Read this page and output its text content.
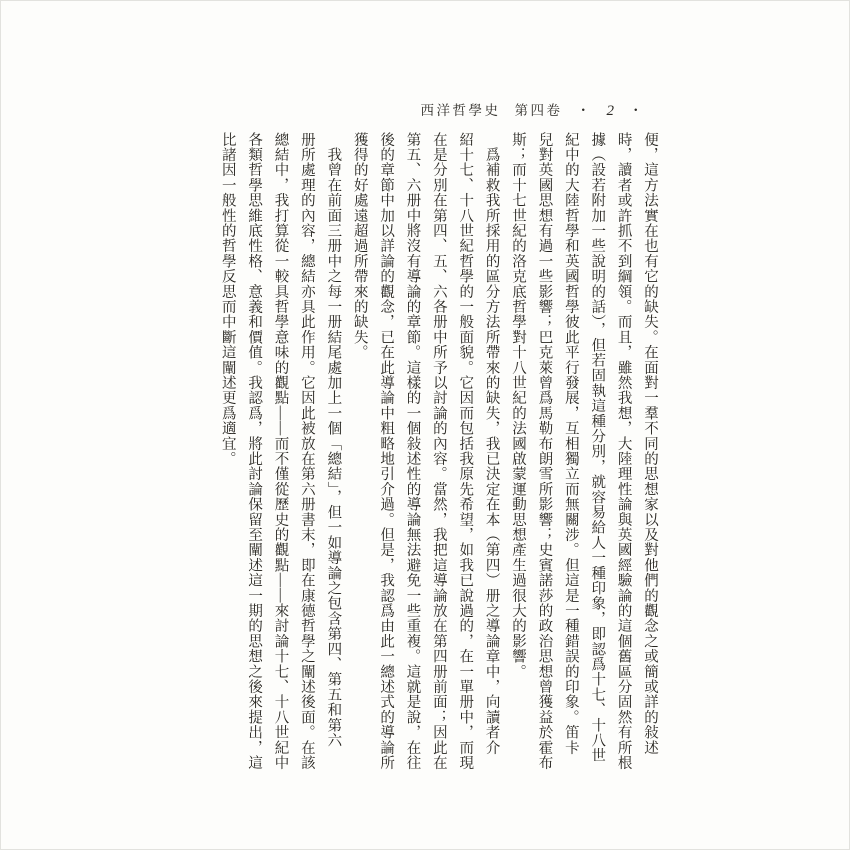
西洋哲學史 第四卷 ・ 2 ・
便，這方法實在也有它的缺失。在面對一羣不同的思想家以及對他們的觀念之或簡或詳的敍述
時，讀者或許抓不到綱領。而且，雖然我想，大陸理性論與英國經驗論的這個舊區分固然有所根
據（設若附加一些說明的話），但若固執這種分別，就容易給人一種印象，即認爲十七、十八世
紀中的大陸哲學和英國哲學彼此平行發展，互相獨立而無關涉。但這是一種錯誤的印象。笛卡
兒對英國思想有過一些影響；巴克萊曾爲馬勒布朗雪所影響；史賓諾莎的政治思想曾獲益於霍布
斯；而十七世紀的洛克底哲學對十八世紀的法國啟蒙運動思想產生過很大的影響。
　爲補救我所採用的區分方法所帶來的缺失，我已決定在本（第四）册之導論章中，向讀者介
紹十七、十八世紀哲學的一般面貌。它因而包括我原先希望，如我已說過的，在一單册中，而現
在是分別在第四、五、六各册中所予以討論的內容。當然，我把這導論放在第四册前面；因此在
第五、六册中將沒有導論的章節。這樣的一個敍述性的導論無法避免一些重複。這就是說，在往
後的章節中加以詳論的觀念，已在此導論中粗略地引介過。但是，我認爲由此一總述式的導論所
獲得的好處遠超過所帶來的缺失。
　我曾在前面三册中之每一册結尾處加上一個「總結」，但一如導論之包含第四、第五和第六
册所處理的內容，總結亦具此作用。它因此被放在第六册書末，即在康德哲學之闡述後面。在該
總結中，我打算從一較具哲學意味的觀點——而不僅從歷史的觀點——來討論十七、十八世紀中
各類哲學思維底性格、意義和價值。我認爲，將此討論保留至闡述這一期的思想之後來提出，這
比諸因一般性的哲學反思而中斷這闡述更爲適宜。
